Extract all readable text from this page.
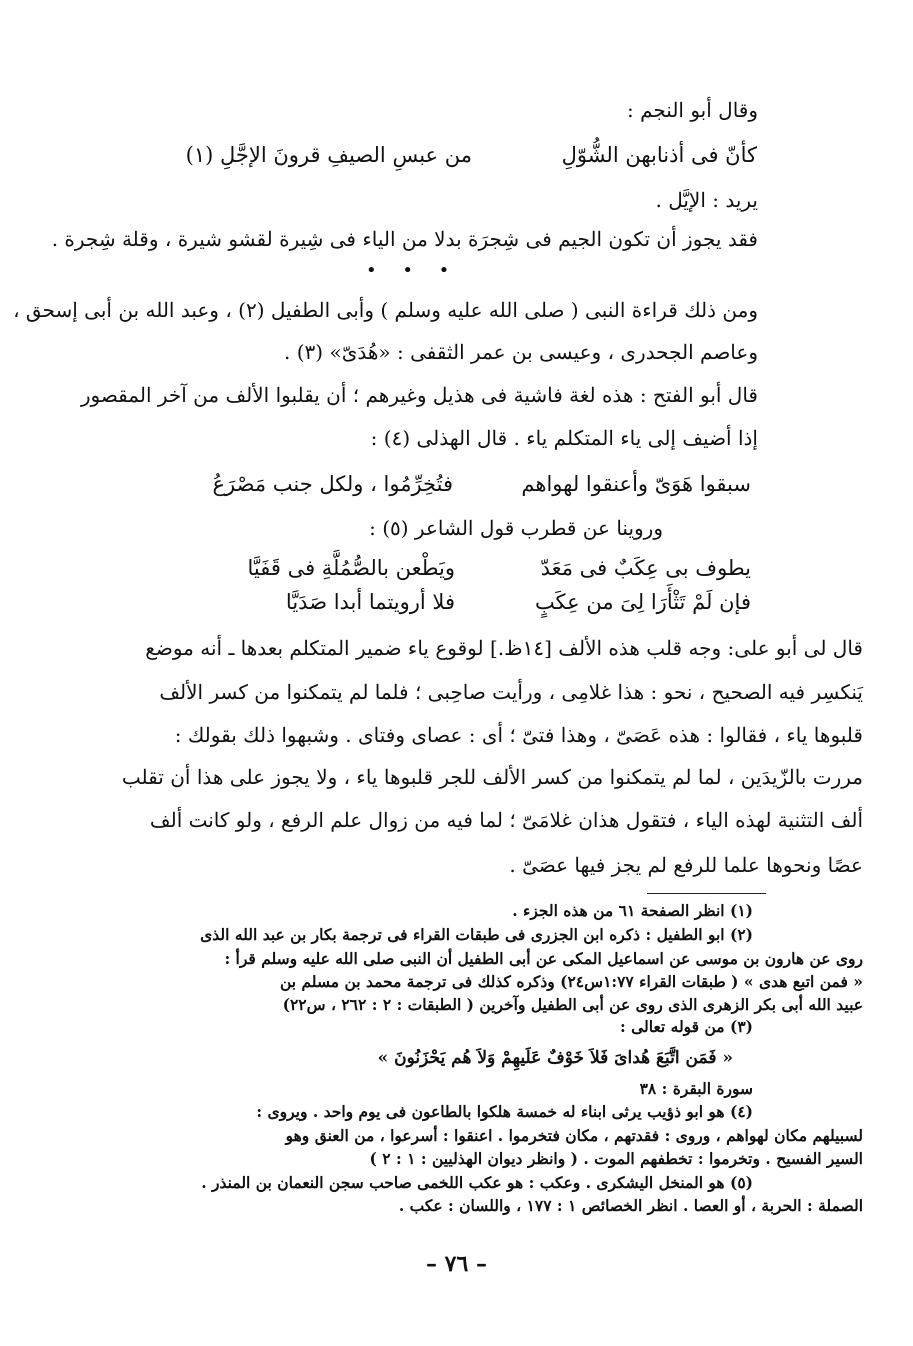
وقال أبو النجم :
كأنّ فى أذنابهن الشُّوّلِ
من عبسِ الصيفِ قرونَ الإجَّلِ (١)
يريد : الإيَّل .
فقد يجوز أن تكون الجيم فى شِجرَة بدلا من الياء فى شِيرة لقشو شيرة ، وقلة شِجرة .
• • •
ومن ذلك قراءة النبى ( صلى الله عليه وسلم ) وأبى الطفيل (٢) ، وعبد الله بن أبى إسحق ،
وعاصم الجحدرى ، وعيسى بن عمر الثقفى : «هُدَىّ» (٣) .
قال أبو الفتح : هذه لغة فاشية فى هذيل وغيرهم ؛ أن يقلبوا الألف من آخر المقصور
إذا أضيف إلى ياء المتكلم ياء . قال الهذلى (٤) :
سبقوا هَوَىّ وأعنقوا لهواهم
فتُخِرِّمُوا ، ولكل جنب مَصْرَعُ
وروينا عن قطرب قول الشاعر (٥) :
يطوف بى عِكَبٌ فى مَعَدّ
ويَطْعن بالصُّمُلَّةِ فى قَفَيَّا
فإن لَمْ تَثْأَرَا لِىَ من عِكَبٍ
فلا أرويتما أبدا صَدَيَّا
قال لى أبو على: وجه قلب هذه الألف [١٤ظ.] لوقوع ياء ضمير المتكلم بعدها ـ أنه موضع
يَنكسِر فيه الصحيح ، نحو : هذا غلامِى ، ورأيت صاحِبى ؛ فلما لم يتمكنوا من كسر الألف
قلبوها ياء ، فقالوا : هذه عَصَىّ ، وهذا فتىّ ؛ أى : عصاى وفتاى . وشبهوا ذلك بقولك :
مررت بالزّيدَين ، لما لم يتمكنوا من كسر الألف للجر قلبوها ياء ، ولا يجوز على هذا أن تقلب
ألف التثنية لهذه الياء ، فتقول هذان غلامَىّ ؛ لما فيه من زوال علم الرفع ، ولو كانت ألف
عصًا ونحوها علما للرفع لم يجز فيها عصَىّ .
(١) انظر الصفحة ٦١ من هذه الجزء .
(٢) ابو الطفيل : ذكره ابن الجزرى فى طبقات القراء فى ترجمة بكار بن عبد الله الذى
روى عن هارون بن موسى عن اسماعيل المكى عن أبى الطفيل أن النبى صلى الله عليه وسلم قرأ :
« فمن اتبع هدى » ( طبقات القراء ١:٧٧س٢٤) وذكره كذلك فى ترجمة محمد بن مسلم بن
عبيد الله أبى بكر الزهرى الذى روى عن أبى الطفيل وآخرين ( الطبقات : ٢ : ٢٦٢ ، س٢٢)
(٣) من قوله تعالى :
« فَمَن اتَّبَعَ هُداىَ فَلاَ خَوْفٌ عَلَيهِمْ وَلاَ هُم يَحْزَنُونَ »
سورة البقرة : ٣٨
(٤) هو ابو ذؤيب يرثى ابناء له خمسة هلكوا بالطاعون فى يوم واحد . ويروى :
لسبيلهم مكان لهواهم ، وروى : فقدتهم ، مكان فتخرموا . اعنقوا : أسرعوا ، من العنق وهو
السير الفسيح . وتخرموا : تخطفهم الموت . ( وانظر ديوان الهذليين : ١ : ٢ )
(٥) هو المنخل اليشكرى . وعكب : هو عكب اللخمى صاحب سجن النعمان بن المنذر .
الصملة : الحربة ، أو العصا . انظر الخصائص ١ : ١٧٧ ، واللسان : عكب .
– ٧٦ –
